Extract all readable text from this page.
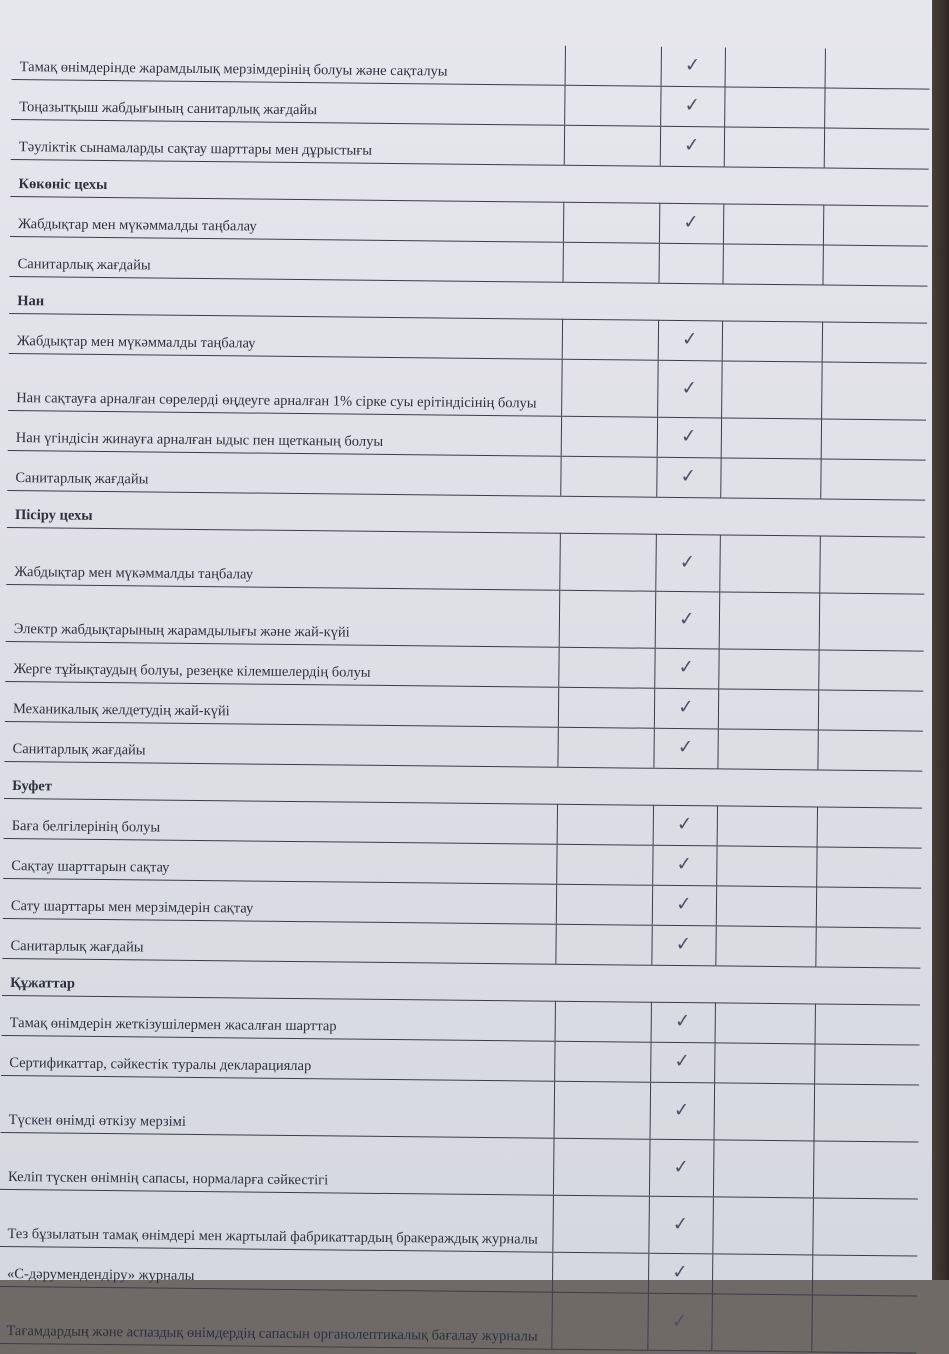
Тамақ өнімдерінде жарамдылық мерзімдерінің болуы және сақталуы		✓		
Тоңазытқыш жабдығының санитарлық жағдайы		✓		
Тәуліктік сынамаларды сақтау шарттары мен дұрыстығы		✓		
Көкөніс цехы				
Жабдықтар мен мүкәммалды таңбалау		✓		
Санитарлық жағдайы				
Нан				
Жабдықтар мен мүкәммалды таңбалау		✓		
Нан сақтауға арналған сөрелерді өңдеуге арналған 1% сірке суы ерітіндісінің болуы		✓		
Нан үгіндісін жинауға арналған ыдыс пен щетканың болуы		✓		
Санитарлық жағдайы		✓		
Пісіру цехы				
Жабдықтар мен мүкәммалды таңбалау		✓		
Электр жабдықтарының жарамдылығы және жай-күйі		✓		
Жерге тұйықтаудың болуы, резеңке кілемшелердің болуы		✓		
Механикалық желдетудің жай-күйі		✓		
Санитарлық жағдайы		✓		
Буфет				
Баға белгілерінің болуы		✓		
Сақтау шарттарын сақтау		✓		
Сату шарттары мен мерзімдерін сақтау		✓		
Санитарлық жағдайы		✓		
Құжаттар				
Тамақ өнімдерін жеткізушілермен жасалған шарттар		✓		
Сертификаттар, сәйкестік туралы декларациялар		✓		
Түскен өнімді өткізу мерзімі		✓		
Келіп түскен өнімнің сапасы, нормаларға сәйкестігі		✓		
Тез бұзылатын тамақ өнімдері мен жартылай фабрикаттардың бракераждық журналы		✓		
«С-дәрумендендіру» журналы		✓		
Тағамдардың және аспаздық өнімдердің сапасын органолептикалық бағалау журналы		✓		
